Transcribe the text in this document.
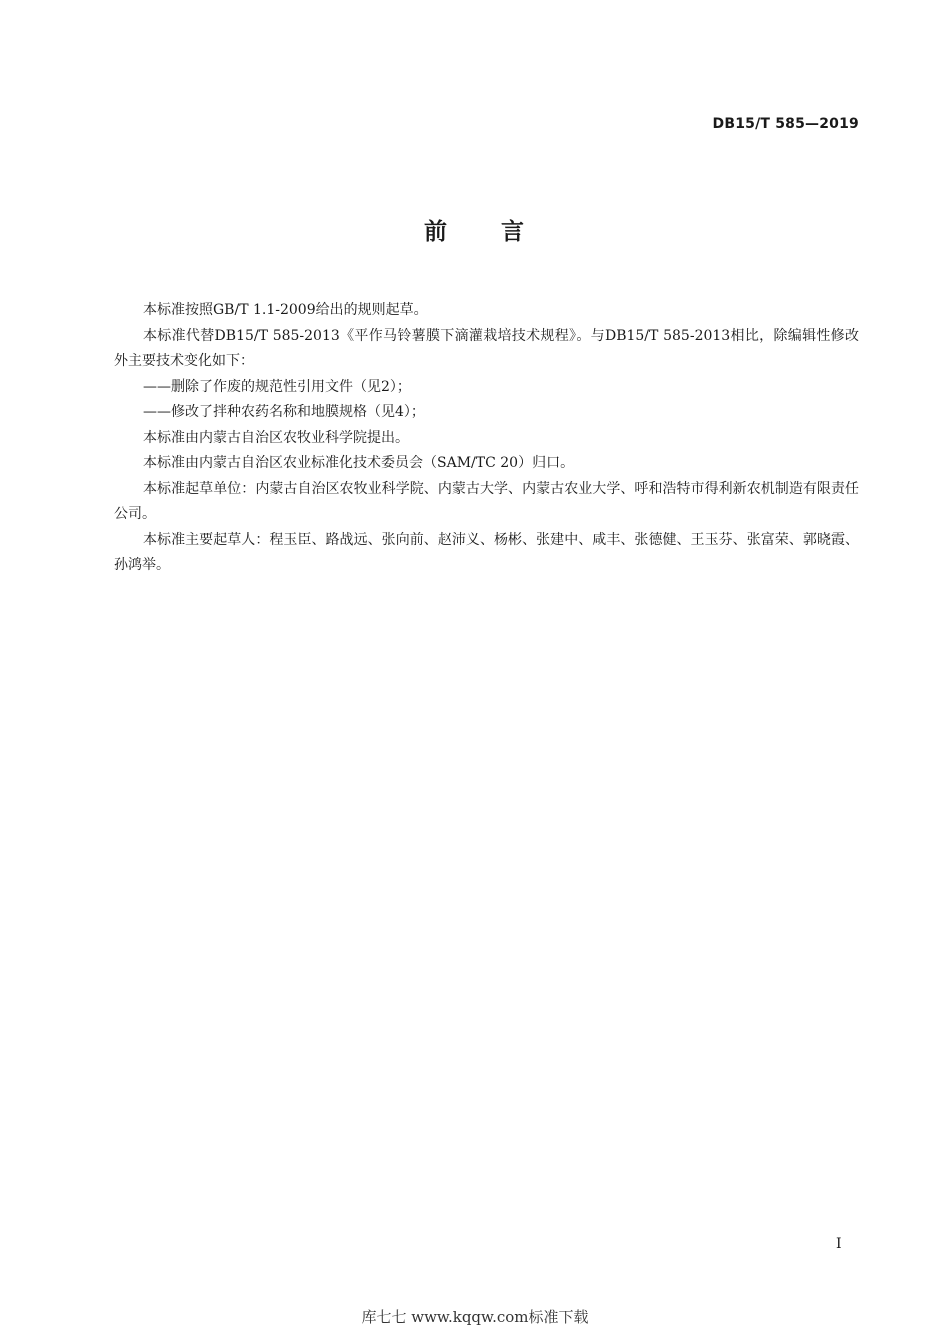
DB15/T 585—2019
前 言

本标准按照GB/T 1.1-2009给出的规则起草。

本标准代替DB15/T 585-2013《平作马铃薯膜下滴灌栽培技术规程》。与DB15/T 585-2013相比，除编辑性修改外主要技术变化如下：

——删除了作废的规范性引用文件（见2）；

——修改了拌种农药名称和地膜规格（见4）；

本标准由内蒙古自治区农牧业科学院提出。

本标准由内蒙古自治区农业标准化技术委员会（SAM/TC 20）归口。

本标准起草单位：内蒙古自治区农牧业科学院、内蒙古大学、内蒙古农业大学、呼和浩特市得利新农机制造有限责任公司。

本标准主要起草人：程玉臣、路战远、张向前、赵沛义、杨彬、张建中、咸丰、张德健、王玉芬、张富荣、郭晓霞、孙鸿举。

I
库七七 www.kqqw.com标准下载
